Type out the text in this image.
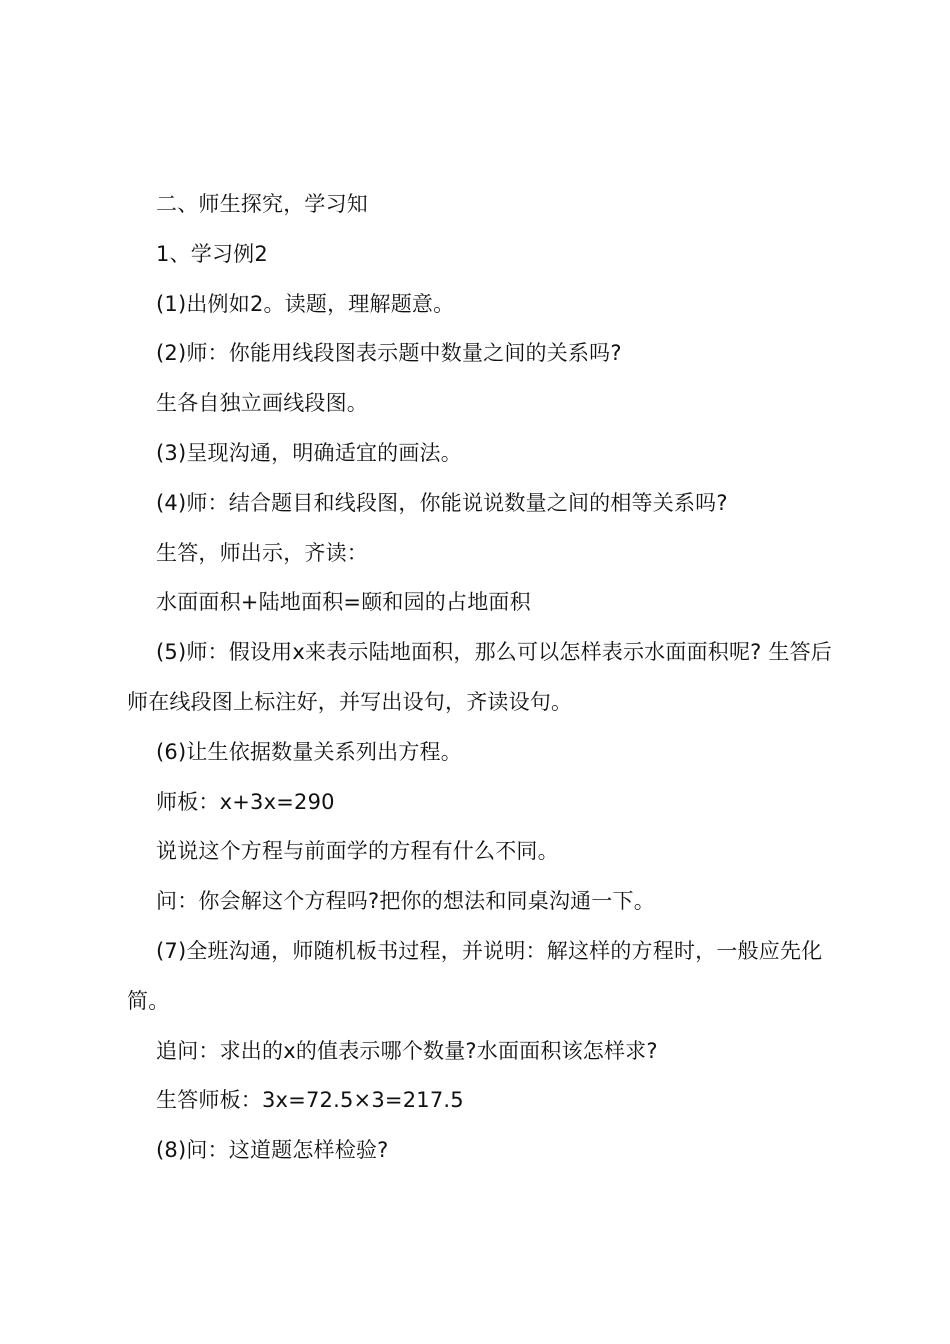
二、师生探究，学习知

1、学习例2

(1)出例如2。读题，理解题意。

(2)师：你能用线段图表示题中数量之间的关系吗?

生各自独立画线段图。

(3)呈现沟通，明确适宜的画法。

(4)师：结合题目和线段图，你能说说数量之间的相等关系吗?

生答，师出示，齐读：

水面面积+陆地面积=颐和园的占地面积

(5)师：假设用x来表示陆地面积，那么可以怎样表示水面面积呢? 生答后师在线段图上标注好，并写出设句，齐读设句。

(6)让生依据数量关系列出方程。

师板：x+3x=290

说说这个方程与前面学的方程有什么不同。

问：你会解这个方程吗?把你的想法和同桌沟通一下。

(7)全班沟通，师随机板书过程，并说明：解这样的方程时，一般应先化简。

追问：求出的x的值表示哪个数量?水面面积该怎样求?

生答师板：3x=72.5×3=217.5

(8)问：这道题怎样检验?
